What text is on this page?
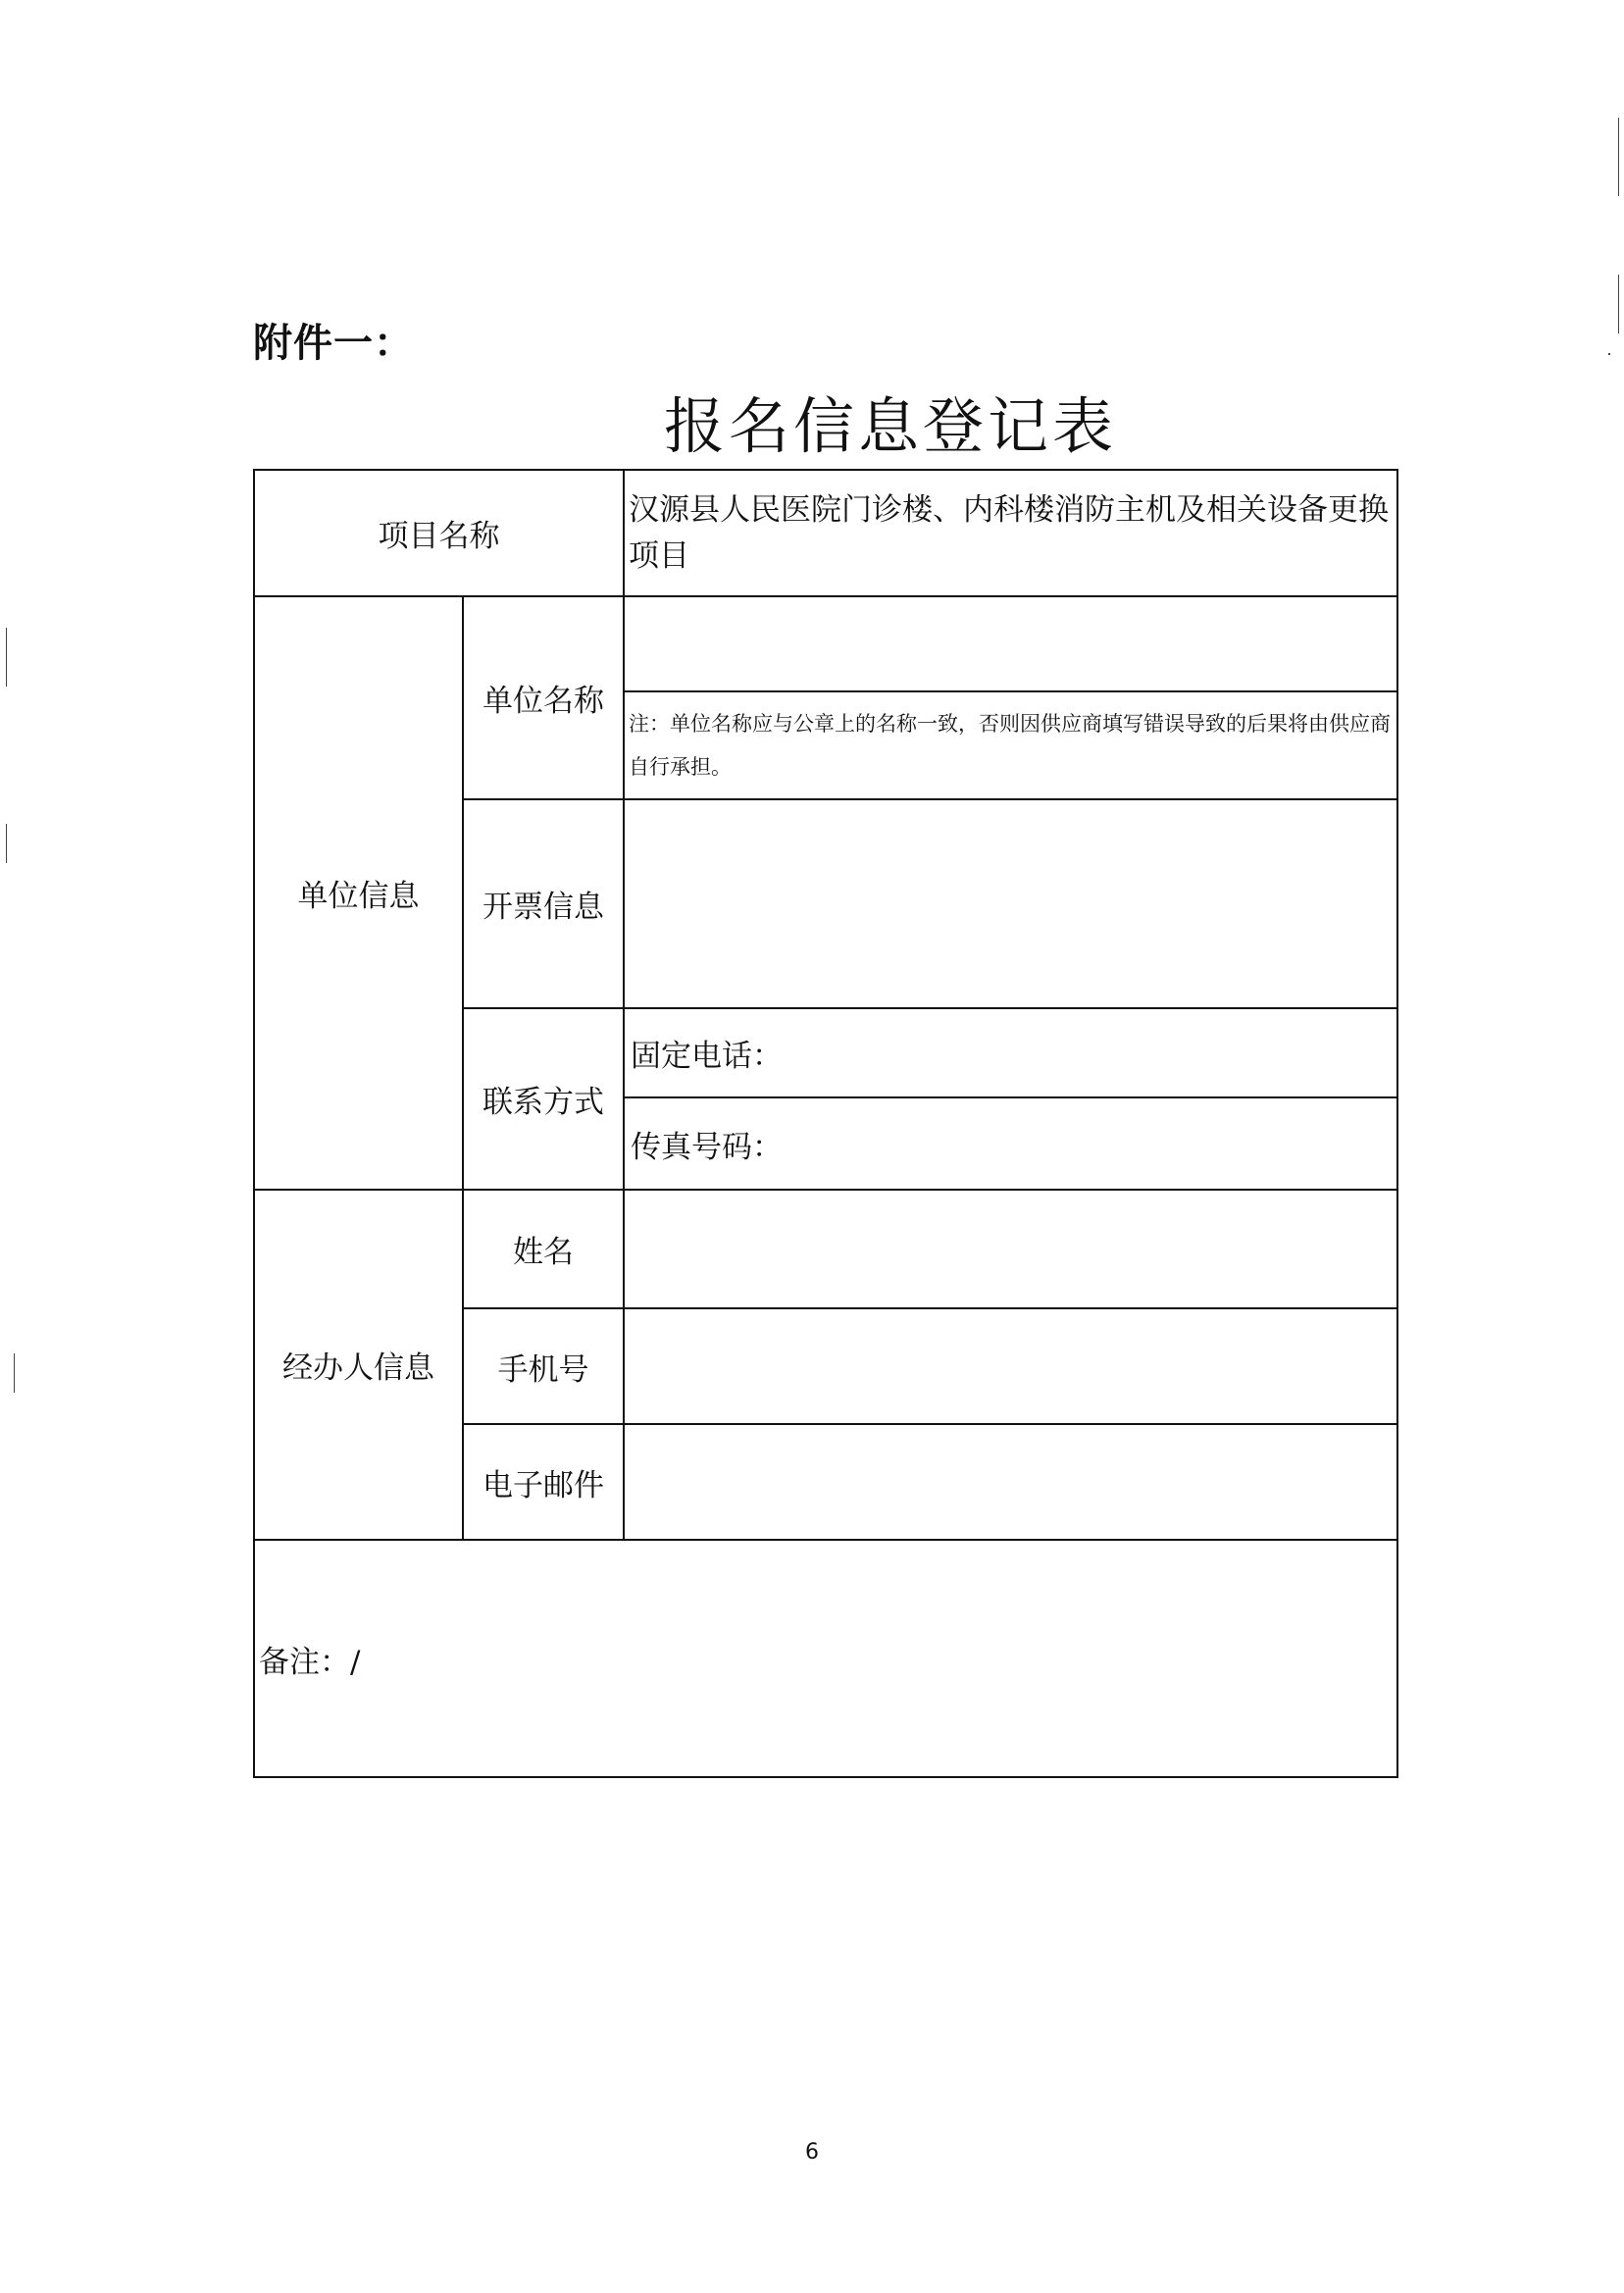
附件一：
报名信息登记表
项目名称
汉源县人民医院门诊楼、内科楼消防主机及相关设备更换项目
单位信息
单位名称
注：单位名称应与公章上的名称一致，否则因供应商填写错误导致的后果将由供应商自行承担。
开票信息
联系方式
固定电话：
传真号码：
经办人信息
姓名
手机号
电子邮件
备注：/
6
